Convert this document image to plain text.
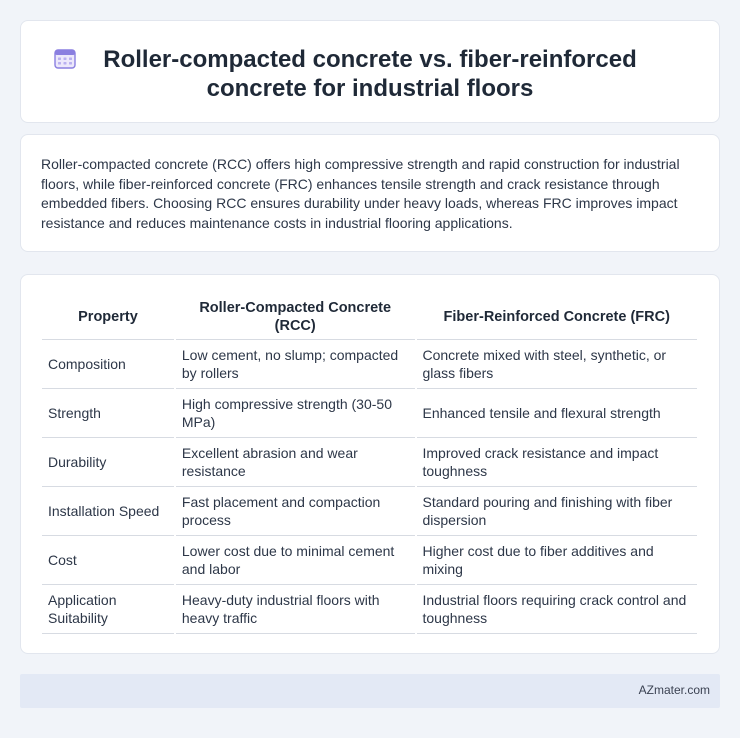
Roller-compacted concrete vs. fiber-reinforced concrete for industrial floors

Roller-compacted concrete (RCC) offers high compressive strength and rapid construction for industrial floors, while fiber-reinforced concrete (FRC) enhances tensile strength and crack resistance through embedded fibers. Choosing RCC ensures durability under heavy loads, whereas FRC improves impact resistance and reduces maintenance costs in industrial flooring applications.

Property	Roller-Compacted Concrete (RCC)	Fiber-Reinforced Concrete (FRC)
Composition	Low cement, no slump; compacted by rollers	Concrete mixed with steel, synthetic, or glass fibers
Strength	High compressive strength (30-50 MPa)	Enhanced tensile and flexural strength
Durability	Excellent abrasion and wear resistance	Improved crack resistance and impact toughness
Installation Speed	Fast placement and compaction process	Standard pouring and finishing with fiber dispersion
Cost	Lower cost due to minimal cement and labor	Higher cost due to fiber additives and mixing
Application Suitability	Heavy-duty industrial floors with heavy traffic	Industrial floors requiring crack control and toughness
AZmater.com
